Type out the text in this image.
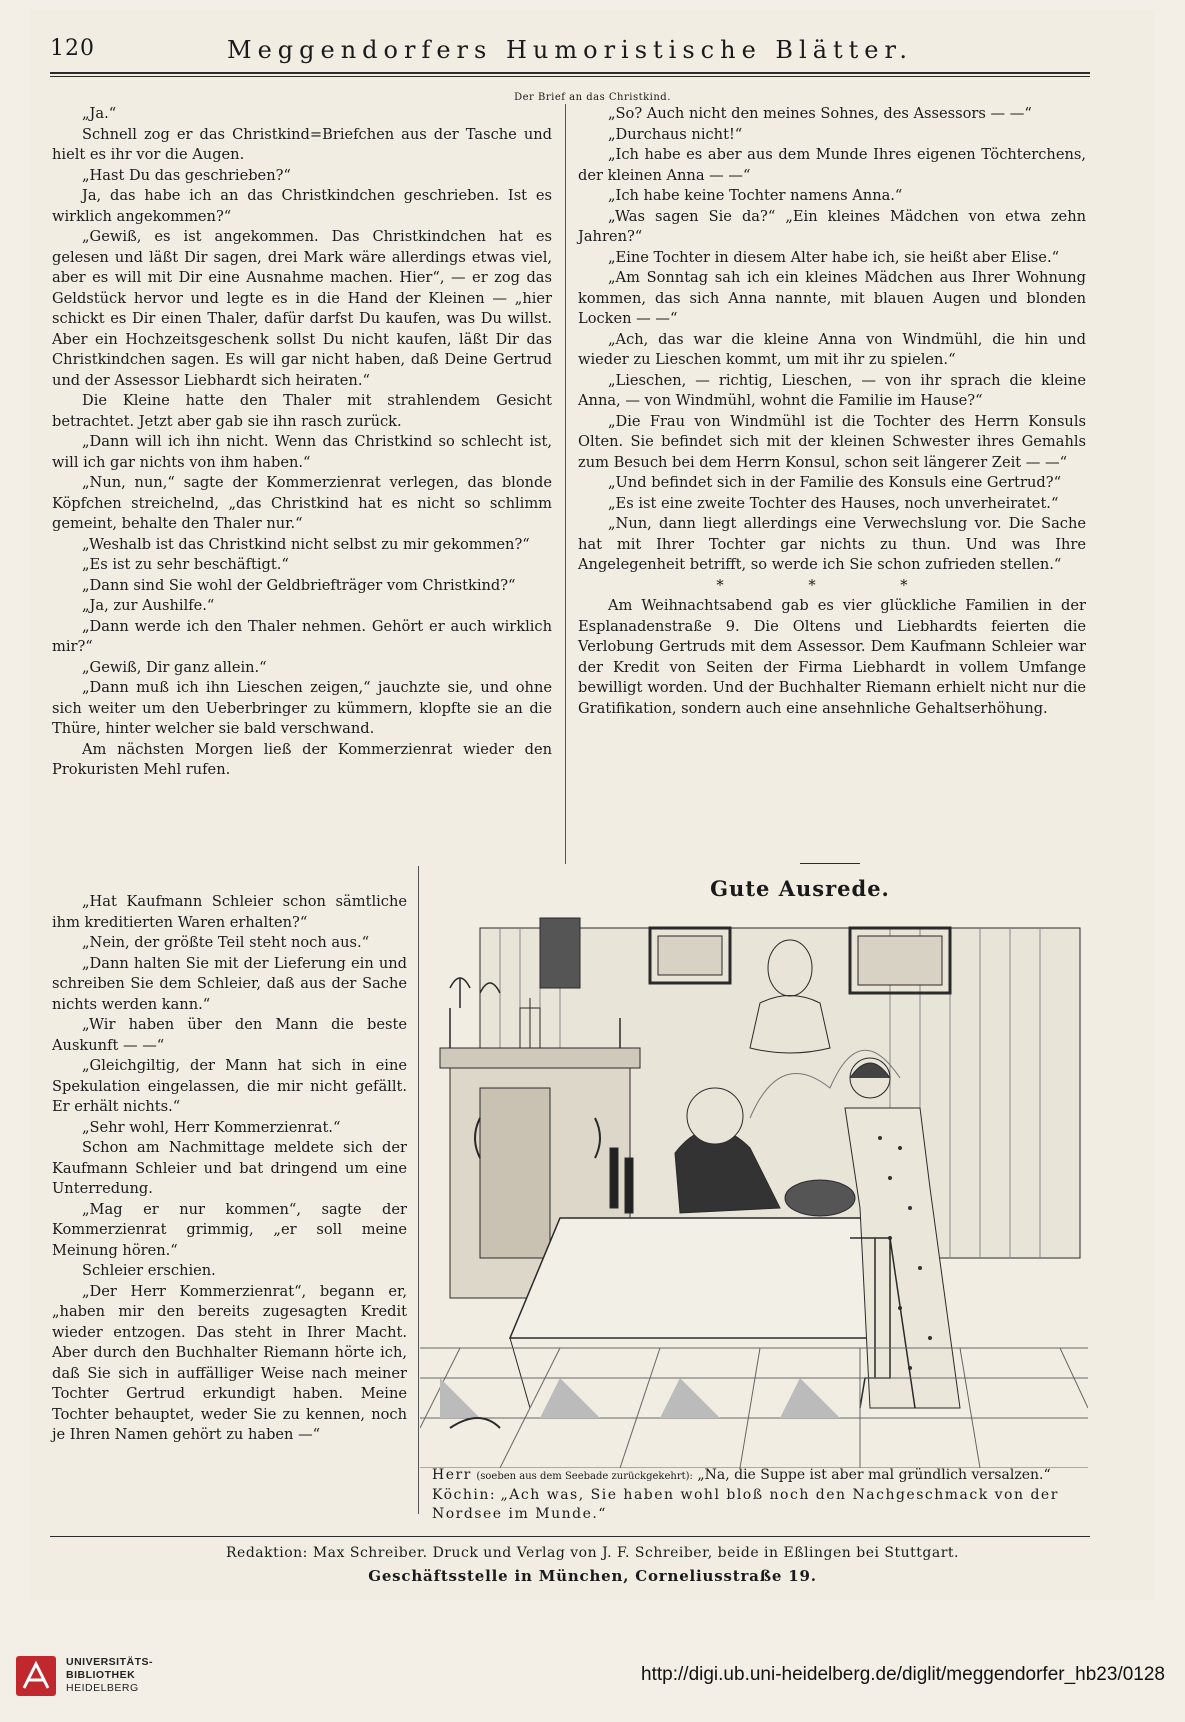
120	Meggendorfers Humoristische Blätter.
Der Brief an das Christkind.

„Ja.“

Schnell zog er das Christkind=Briefchen aus der Tasche und hielt es ihr vor die Augen.

„Hast Du das geschrieben?“

Ja, das habe ich an das Christkindchen geschrieben. Ist es wirklich angekommen?“

„Gewiß, es ist angekommen. Das Christkindchen hat es gelesen und läßt Dir sagen, drei Mark wäre allerdings etwas viel, aber es will mit Dir eine Ausnahme machen. Hier“, — er zog das Geldstück hervor und legte es in die Hand der Kleinen — „hier schickt es Dir einen Thaler, dafür darfst Du kaufen, was Du willst. Aber ein Hochzeitsgeschenk sollst Du nicht kaufen, läßt Dir das Christkindchen sagen. Es will gar nicht haben, daß Deine Gertrud und der Assessor Liebhardt sich heiraten.“

Die Kleine hatte den Thaler mit strahlendem Gesicht betrachtet. Jetzt aber gab sie ihn rasch zurück.

„Dann will ich ihn nicht. Wenn das Christkind so schlecht ist, will ich gar nichts von ihm haben.“

„Nun, nun,“ sagte der Kommerzienrat verlegen, das blonde Köpfchen streichelnd, „das Christkind hat es nicht so schlimm gemeint, behalte den Thaler nur.“

„Weshalb ist das Christkind nicht selbst zu mir gekommen?“

„Es ist zu sehr beschäftigt.“

„Dann sind Sie wohl der Geldbriefträger vom Christkind?“

„Ja, zur Aushilfe.“

„Dann werde ich den Thaler nehmen. Gehört er auch wirklich mir?“

„Gewiß, Dir ganz allein.“

„Dann muß ich ihn Lieschen zeigen,“ jauchzte sie, und ohne sich weiter um den Ueberbringer zu kümmern, klopfte sie an die Thüre, hinter welcher sie bald verschwand.

Am nächsten Morgen ließ der Kommerzienrat wieder den Prokuristen Mehl rufen.

„Hat Kaufmann Schleier schon sämtliche ihm kreditierten Waren erhalten?“

„Nein, der größte Teil steht noch aus.“

„Dann halten Sie mit der Lieferung ein und schreiben Sie dem Schleier, daß aus der Sache nichts werden kann.“

„Wir haben über den Mann die beste Auskunft — —“

„Gleichgiltig, der Mann hat sich in eine Spekulation eingelassen, die mir nicht gefällt. Er erhält nichts.“

„Sehr wohl, Herr Kommerzienrat.“

Schon am Nachmittage meldete sich der Kaufmann Schleier und bat dringend um eine Unterredung.

„Mag er nur kommen“, sagte der Kommerzienrat grimmig, „er soll meine Meinung hören.“

Schleier erschien.

„Der Herr Kommerzienrat“, begann er, „haben mir den bereits zugesagten Kredit wieder entzogen. Das steht in Ihrer Macht. Aber durch den Buchhalter Riemann hörte ich, daß Sie sich in auffälliger Weise nach meiner Tochter Gertrud erkundigt haben. Meine Tochter behauptet, weder Sie zu kennen, noch je Ihren Namen gehört zu haben —“

„So? Auch nicht den meines Sohnes, des Assessors — —“

„Durchaus nicht!“

„Ich habe es aber aus dem Munde Ihres eigenen Töchterchens, der kleinen Anna — —“

„Ich habe keine Tochter namens Anna.“

„Was sagen Sie da?“ „Ein kleines Mädchen von etwa zehn Jahren?“

„Eine Tochter in diesem Alter habe ich, sie heißt aber Elise.“

„Am Sonntag sah ich ein kleines Mädchen aus Ihrer Wohnung kommen, das sich Anna nannte, mit blauen Augen und blonden Locken — —“

„Ach, das war die kleine Anna von Windmühl, die hin und wieder zu Lieschen kommt, um mit ihr zu spielen.“

„Lieschen, — richtig, Lieschen, — von ihr sprach die kleine Anna, — von Windmühl, wohnt die Familie im Hause?“

„Die Frau von Windmühl ist die Tochter des Herrn Konsuls Olten. Sie befindet sich mit der kleinen Schwester ihres Gemahls zum Besuch bei dem Herrn Konsul, schon seit längerer Zeit — —“

„Und befindet sich in der Familie des Konsuls eine Gertrud?“

„Es ist eine zweite Tochter des Hauses, noch unverheiratet.“

„Nun, dann liegt allerdings eine Verwechslung vor. Die Sache hat mit Ihrer Tochter gar nichts zu thun. Und was Ihre Angelegenheit betrifft, so werde ich Sie schon zufrieden stellen.“

* * *

Am Weihnachtsabend gab es vier glückliche Familien in der Esplanadenstraße 9. Die Oltens und Liebhardts feierten die Verlobung Gertruds mit dem Assessor. Dem Kaufmann Schleier war der Kredit von Seiten der Firma Liebhardt in vollem Umfange bewilligt worden. Und der Buchhalter Riemann erhielt nicht nur die Gratifikation, sondern auch eine ansehnliche Gehaltserhöhung.

Gute Ausrede.
Herr (soeben aus dem Seebade zurückgekehrt): „Na, die Suppe ist aber mal gründlich versalzen.“
Köchin: „Ach was, Sie haben wohl bloß noch den Nachgeschmack von der Nordsee im Munde.“
Redaktion: Max Schreiber. Druck und Verlag von J. F. Schreiber, beide in Eßlingen bei Stuttgart.
Geschäftsstelle in München, Corneliusstraße 19.
UNIVERSITÄTS-
BIBLIOTHEK
HEIDELBERG
http://digi.ub.uni-heidelberg.de/diglit/meggendorfer_hb23/0128
